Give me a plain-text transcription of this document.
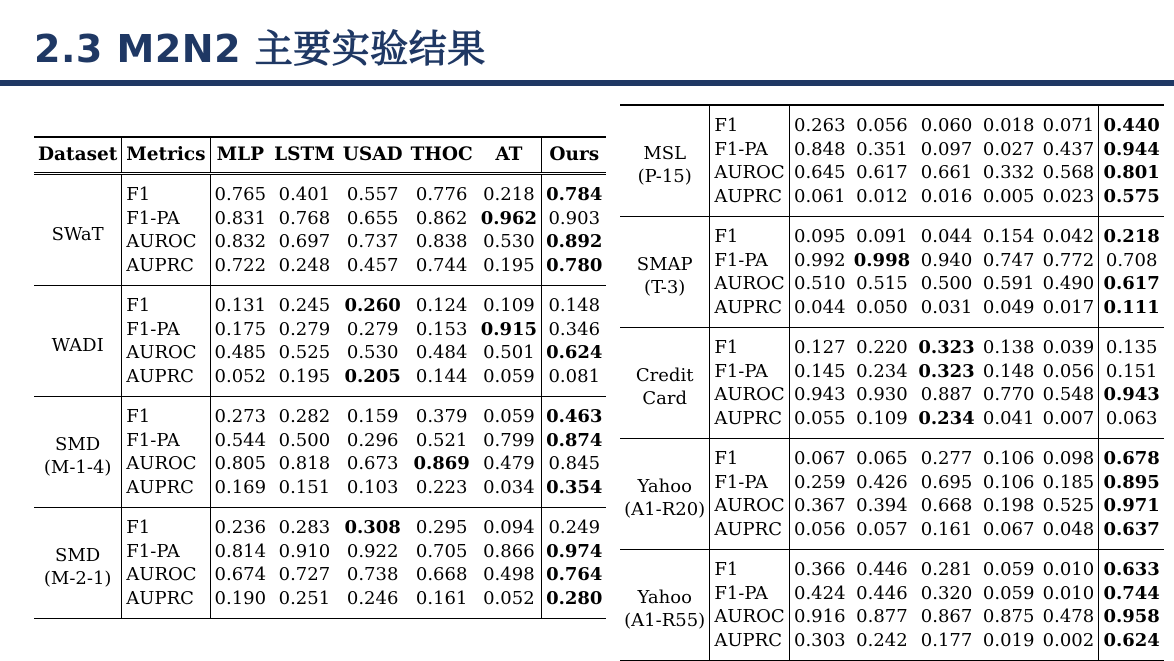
2.3 M2N2 主要实验结果
Dataset	Metrics	MLP	LSTM	USAD	THOC	AT	Ours
SWaT	F1	0.765	0.401	0.557	0.776	0.218	0.784
	F1-PA	0.831	0.768	0.655	0.862	0.962	0.903
	AUROC	0.832	0.697	0.737	0.838	0.530	0.892
	AUPRC	0.722	0.248	0.457	0.744	0.195	0.780
WADI	F1	0.131	0.245	0.260	0.124	0.109	0.148
	F1-PA	0.175	0.279	0.279	0.153	0.915	0.346
	AUROC	0.485	0.525	0.530	0.484	0.501	0.624
	AUPRC	0.052	0.195	0.205	0.144	0.059	0.081
SMD
(M-1-4)	F1	0.273	0.282	0.159	0.379	0.059	0.463
	F1-PA	0.544	0.500	0.296	0.521	0.799	0.874
	AUROC	0.805	0.818	0.673	0.869	0.479	0.845
	AUPRC	0.169	0.151	0.103	0.223	0.034	0.354
SMD
(M-2-1)	F1	0.236	0.283	0.308	0.295	0.094	0.249
	F1-PA	0.814	0.910	0.922	0.705	0.866	0.974
	AUROC	0.674	0.727	0.738	0.668	0.498	0.764
	AUPRC	0.190	0.251	0.246	0.161	0.052	0.280
MSL
(P-15)	F1	0.263	0.056	0.060	0.018	0.071	0.440
	F1-PA	0.848	0.351	0.097	0.027	0.437	0.944
	AUROC	0.645	0.617	0.661	0.332	0.568	0.801
	AUPRC	0.061	0.012	0.016	0.005	0.023	0.575
SMAP
(T-3)	F1	0.095	0.091	0.044	0.154	0.042	0.218
	F1-PA	0.992	0.998	0.940	0.747	0.772	0.708
	AUROC	0.510	0.515	0.500	0.591	0.490	0.617
	AUPRC	0.044	0.050	0.031	0.049	0.017	0.111
Credit
Card	F1	0.127	0.220	0.323	0.138	0.039	0.135
	F1-PA	0.145	0.234	0.323	0.148	0.056	0.151
	AUROC	0.943	0.930	0.887	0.770	0.548	0.943
	AUPRC	0.055	0.109	0.234	0.041	0.007	0.063
Yahoo
(A1-R20)	F1	0.067	0.065	0.277	0.106	0.098	0.678
	F1-PA	0.259	0.426	0.695	0.106	0.185	0.895
	AUROC	0.367	0.394	0.668	0.198	0.525	0.971
	AUPRC	0.056	0.057	0.161	0.067	0.048	0.637
Yahoo
(A1-R55)	F1	0.366	0.446	0.281	0.059	0.010	0.633
	F1-PA	0.424	0.446	0.320	0.059	0.010	0.744
	AUROC	0.916	0.877	0.867	0.875	0.478	0.958
	AUPRC	0.303	0.242	0.177	0.019	0.002	0.624
